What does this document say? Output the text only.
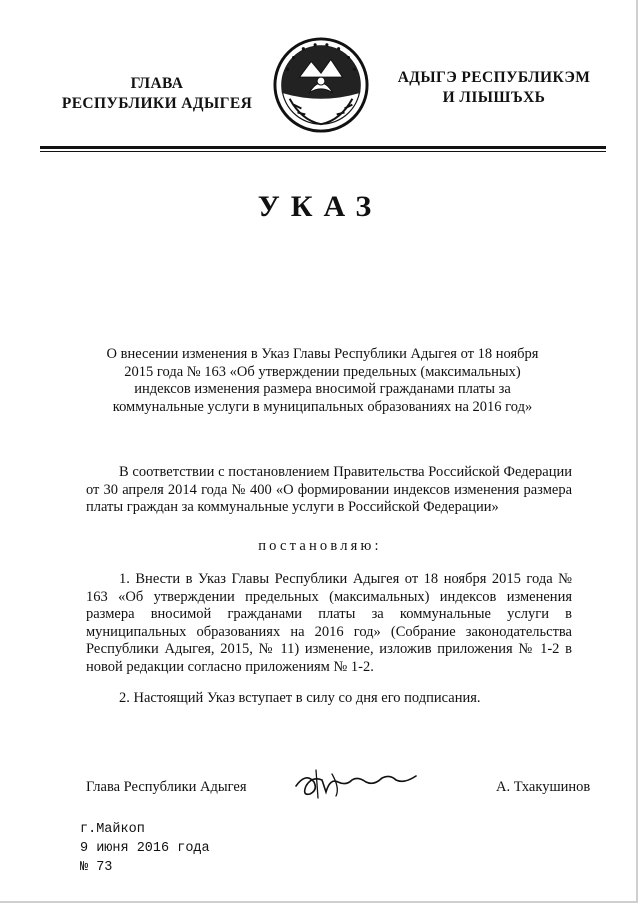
ГЛАВА
РЕСПУБЛИКИ АДЫГЕЯ
АДЫГЭ РЕСПУБЛИКЭМ
И ЛІЫШЪХЬ
УКАЗ
О внесении изменения в Указ Главы Республики Адыгея от 18 ноября 2015 года № 163 «Об утверждении предельных (максимальных) индексов изменения размера вносимой гражданами платы за коммунальные услуги в муниципальных образованиях на 2016 год»
В соответствии с постановлением Правительства Российской Федерации от 30 апреля 2014 года № 400 «О формировании индексов изменения размера платы граждан за коммунальные услуги в Российской Федерации»
постановляю:
1. Внести в Указ Главы Республики Адыгея от 18 ноября 2015 года № 163 «Об утверждении предельных (максимальных) индексов изменения размера вносимой гражданами платы за коммунальные услуги в муниципальных образованиях на 2016 год» (Собрание законодательства Республики Адыгея, 2015, № 11) изменение, изложив приложения № 1-2 в новой редакции согласно приложениям № 1-2.
2. Настоящий Указ вступает в силу со дня его подписания.
Глава Республики Адыгея	А. Тхакушинов
г.Майкоп
9 июня 2016 года
№ 73
